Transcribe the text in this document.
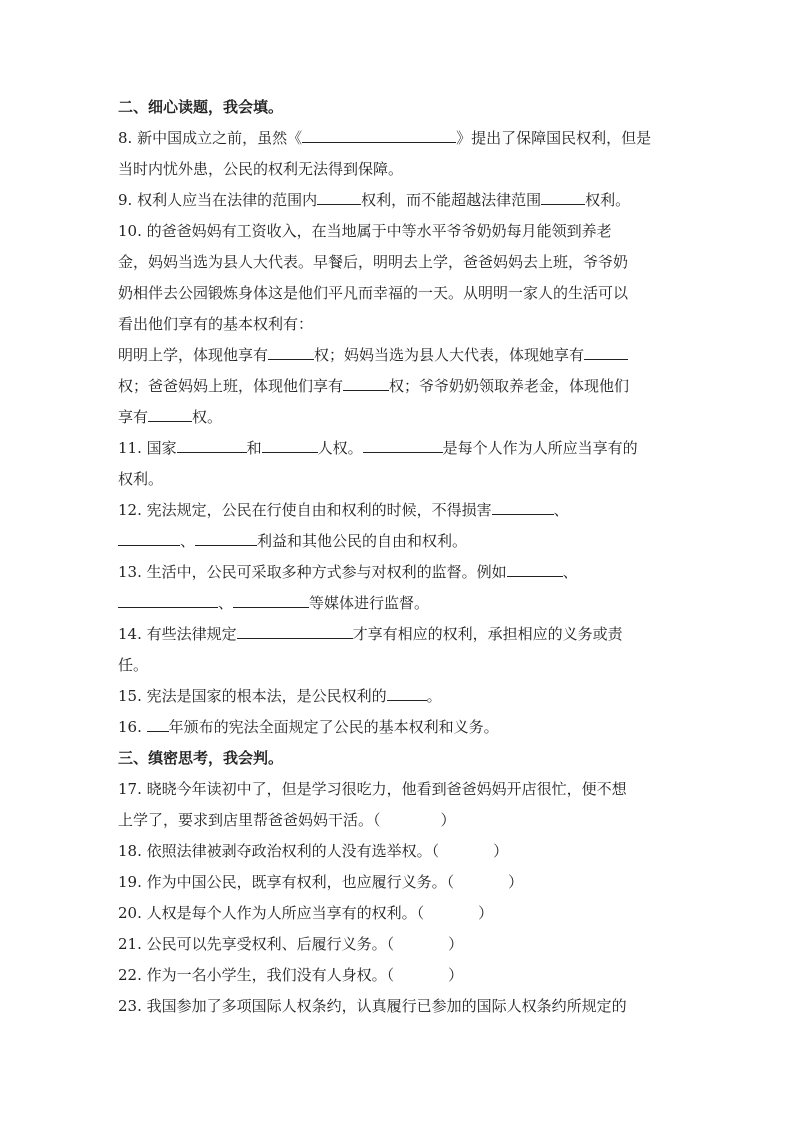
二、细心读题，我会填。
8. 新中国成立之前，虽然《	》提出了保障国民权利，但是
当时内忧外患，公民的权利无法得到保障。
9. 权利人应当在法律的范围内	权利，而不能超越法律范围	权利。
10. 的爸爸妈妈有工资收入，在当地属于中等水平爷爷奶奶每月能领到养老
金，妈妈当选为县人大代表。早餐后，明明去上学，爸爸妈妈去上班，爷爷奶
奶相伴去公园锻炼身体这是他们平凡而幸福的一天。从明明一家人的生活可以
看出他们享有的基本权利有：
明明上学，体现他享有	权；妈妈当选为县人大代表，体现她享有
权；爸爸妈妈上班，体现他们享有	权；爷爷奶奶领取养老金，体现他们
享有	权。
11. 国家	和	人权。	是每个人作为人所应当享有的
权利。
12. 宪法规定，公民在行使自由和权利的时候，不得损害	、
、	利益和其他公民的自由和权利。
13. 生活中，公民可采取多种方式参与对权利的监督。例如	、
、	等媒体进行监督。
14. 有些法律规定	才享有相应的权利，承担相应的义务或责
任。
15. 宪法是国家的根本法，是公民权利的	。
16. 年颁布的宪法全面规定了公民的基本权利和义务。
三、缜密思考，我会判。
17. 晓晓今年读初中了，但是学习很吃力，他看到爸爸妈妈开店很忙，便不想
上学了，要求到店里帮爸爸妈妈干活。（	）
18. 依照法律被剥夺政治权利的人没有选举权。（	）
19. 作为中国公民，既享有权利，也应履行义务。（	）
20. 人权是每个人作为人所应当享有的权利。（	）
21. 公民可以先享受权利、后履行义务。（	）
22. 作为一名小学生，我们没有人身权。（	）
23. 我国参加了多项国际人权条约，认真履行已参加的国际人权条约所规定的
